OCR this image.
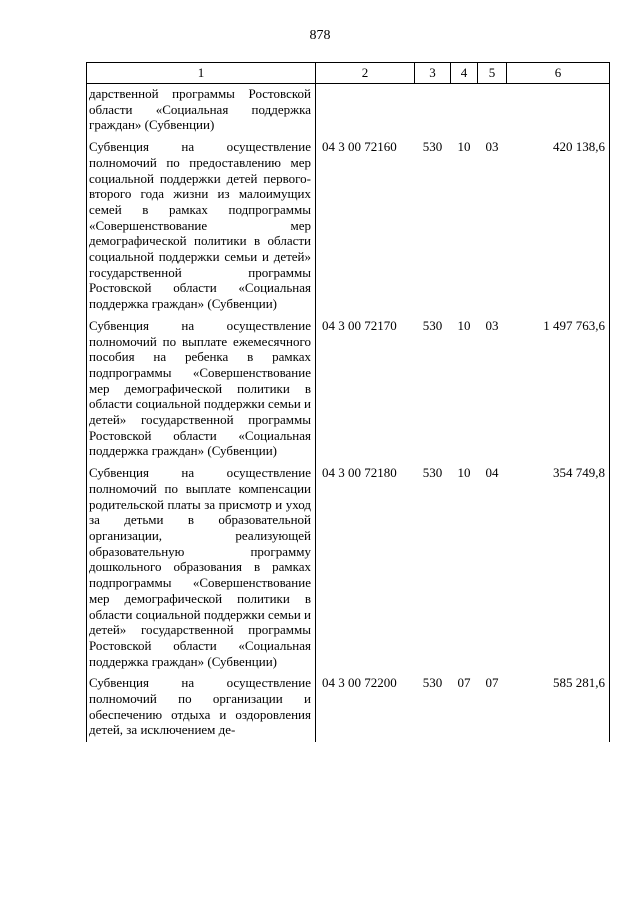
878
1	2	3	4	5	6
дарственной программы Ростовской области «Социальная поддержка граждан» (Субвенции)					
Субвенция на осуществление полномочий по предоставлению мер социальной поддержки детей первого-второго года жизни из малоимущих семей в рамках подпрограммы «Совершенствование мер демографической политики в области социальной поддержки семьи и детей» государственной программы Ростовской области «Социальная поддержка граждан» (Субвенции)	04 3 00 72160	530	10	03	420 138,6
Субвенция на осуществление полномочий по выплате ежемесячного пособия на ребенка в рамках подпрограммы «Совершенствование мер демографической политики в области социальной поддержки семьи и детей» государственной программы Ростовской области «Социальная поддержка граждан» (Субвенции)	04 3 00 72170	530	10	03	1 497 763,6
Субвенция на осуществление полномочий по выплате компенсации родительской платы за присмотр и уход за детьми в образовательной организации, реализующей образовательную программу дошкольного образования в рамках подпрограммы «Совершенствование мер демографической политики в области социальной поддержки семьи и детей» государственной программы Ростовской области «Социальная поддержка граждан» (Субвенции)	04 3 00 72180	530	10	04	354 749,8
Субвенция на осуществление полномочий по организации и обеспечению отдыха и оздоровления детей, за исключением де-	04 3 00 72200	530	07	07	585 281,6
